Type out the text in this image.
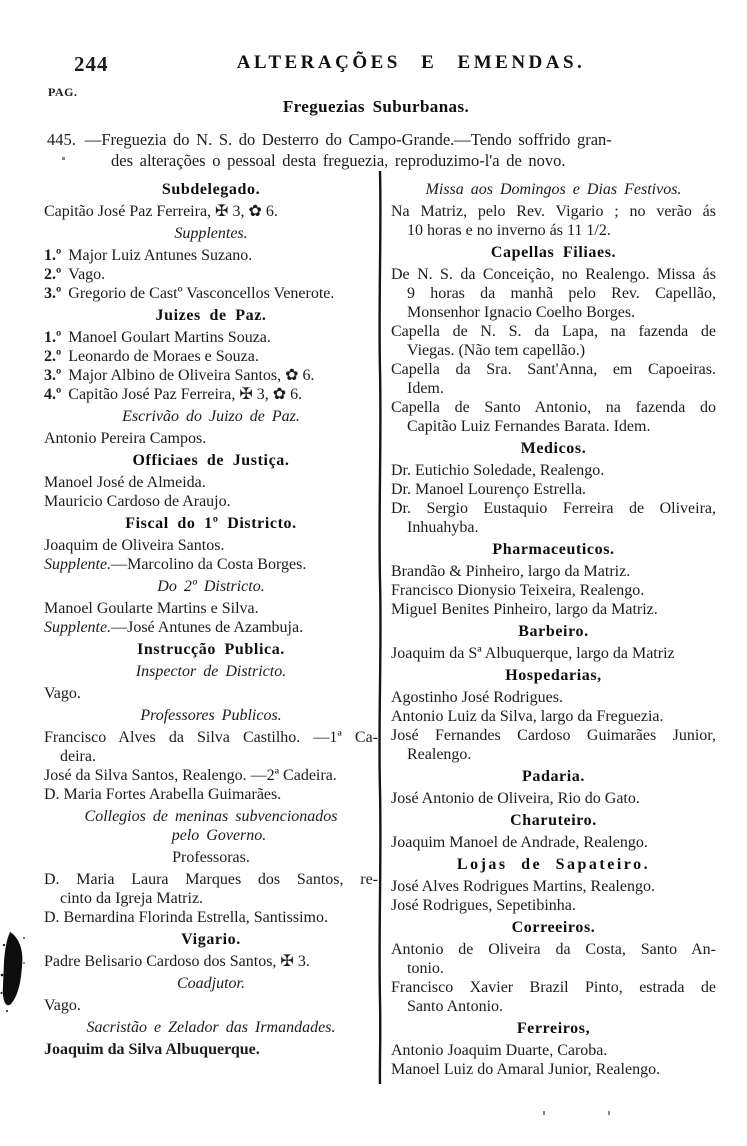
244
PAG.
ALTERAÇÕES E EMENDAS.
Freguezias Suburbanas.
445. —Freguezia do N. S. do Desterro do Campo-Grande.—Tendo soffrido gran-
des alterações o pessoal desta freguezia, reproduzimo-l'a de novo.
Subdelegado.
Capitão José Paz Ferreira, ✠ 3, ✿ 6.
Supplentes.
1.º Major Luiz Antunes Suzano.
2.º Vago.
3.º Gregorio de Castº Vasconcellos Venerote.
Juizes de Paz.
1.º Manoel Goulart Martins Souza.
2.º Leonardo de Moraes e Souza.
3.º Major Albino de Oliveira Santos, ✿ 6.
4.º Capitão José Paz Ferreira, ✠ 3, ✿ 6.
Escrivão do Juizo de Paz.
Antonio Pereira Campos.
Officiaes de Justiça.
Manoel José de Almeida.
Mauricio Cardoso de Araujo.
Fiscal do 1º Districto.
Joaquim de Oliveira Santos.
Supplente.—Marcolino da Costa Borges.
Do 2º Districto.
Manoel Goularte Martins e Silva.
Supplente.—José Antunes de Azambuja.
Instrucção Publica.
Inspector de Districto.
Vago.
Professores Publicos.
Francisco Alves da Silva Castilho. —1ª Ca-
deira.
José da Silva Santos, Realengo. —2ª Cadeira.
D. Maria Fortes Arabella Guimarães.
Collegios de meninas subvencionados
pelo Governo.
Professoras.
D. Maria Laura Marques dos Santos, re-
cinto da Igreja Matriz.
D. Bernardina Florinda Estrella, Santissimo.
Vigario.
Padre Belisario Cardoso dos Santos, ✠ 3.
Coadjutor.
Vago.
Sacristão e Zelador das Irmandades.
Joaquim da Silva Albuquerque.
Missa aos Domingos e Dias Festivos.
Na Matriz, pelo Rev. Vigario ; no verão ás
10 horas e no inverno ás 11 1/2.
Capellas Filiaes.
De N. S. da Conceição, no Realengo. Missa ás
9 horas da manhã pelo Rev. Capellão,
Monsenhor Ignacio Coelho Borges.
Capella de N. S. da Lapa, na fazenda de
Viegas. (Não tem capellão.)
Capella da Sra. Sant'Anna, em Capoeiras.
Idem.
Capella de Santo Antonio, na fazenda do
Capitão Luiz Fernandes Barata. Idem.
Medicos.
Dr. Eutichio Soledade, Realengo.
Dr. Manoel Lourenço Estrella.
Dr. Sergio Eustaquio Ferreira de Oliveira,
Inhuahyba.
Pharmaceuticos.
Brandão & Pinheiro, largo da Matriz.
Francisco Dionysio Teixeira, Realengo.
Miguel Benites Pinheiro, largo da Matriz.
Barbeiro.
Joaquim da Sª Albuquerque, largo da Matriz
Hospedarias,
Agostinho José Rodrigues.
Antonio Luiz da Silva, largo da Freguezia.
José Fernandes Cardoso Guimarães Junior,
Realengo.
Padaria.
José Antonio de Oliveira, Rio do Gato.
Charuteiro.
Joaquim Manoel de Andrade, Realengo.
Lojas de Sapateiro.
José Alves Rodrigues Martins, Realengo.
José Rodrigues, Sepetibinha.
Correeiros.
Antonio de Oliveira da Costa, Santo An-
tonio.
Francisco Xavier Brazil Pinto, estrada de
Santo Antonio.
Ferreiros,
Antonio Joaquim Duarte, Caroba.
Manoel Luiz do Amaral Junior, Realengo.
